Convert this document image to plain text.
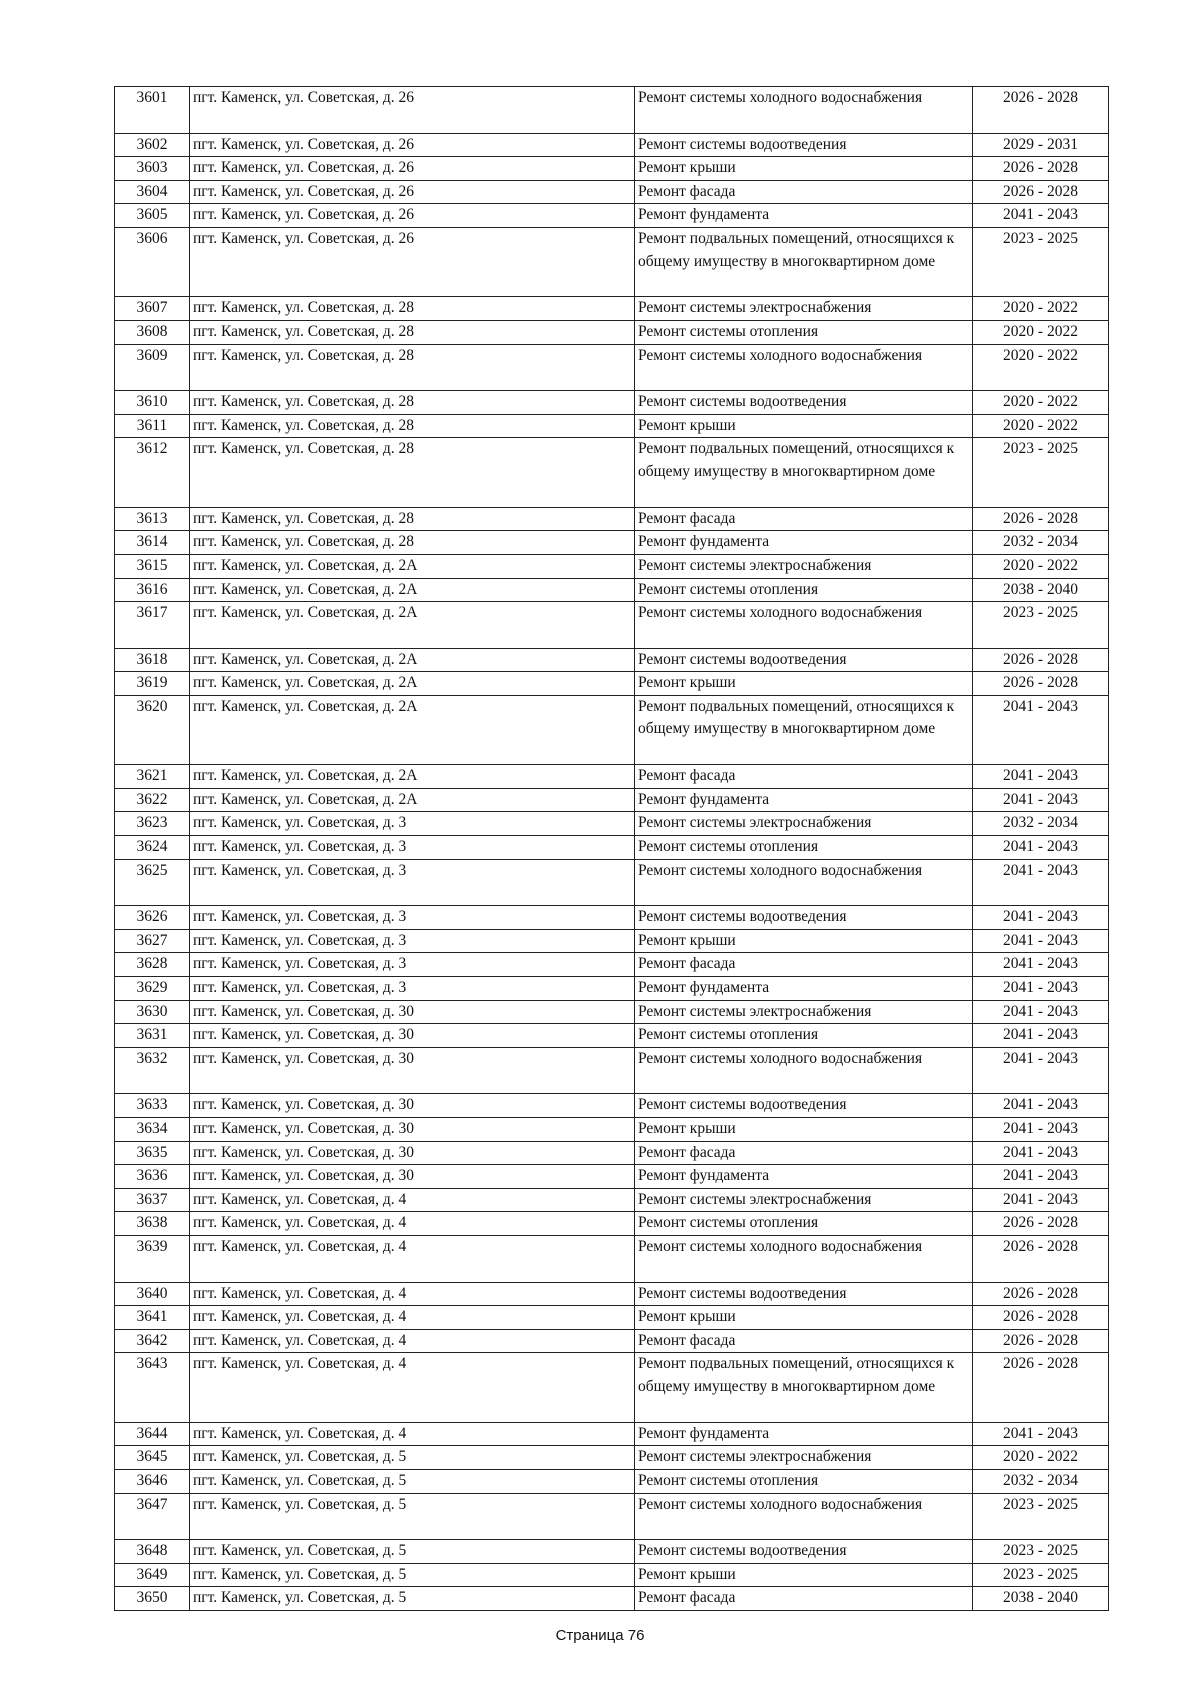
3601	пгт. Каменск, ул. Советская, д. 26	Ремонт системы холодного водоснабжения	2026 - 2028
3602	пгт. Каменск, ул. Советская, д. 26	Ремонт системы водоотведения	2029 - 2031
3603	пгт. Каменск, ул. Советская, д. 26	Ремонт крыши	2026 - 2028
3604	пгт. Каменск, ул. Советская, д. 26	Ремонт фасада	2026 - 2028
3605	пгт. Каменск, ул. Советская, д. 26	Ремонт фундамента	2041 - 2043
3606	пгт. Каменск, ул. Советская, д. 26	Ремонт подвальных помещений, относящихся к общему имуществу в многоквартирном доме	2023 - 2025
3607	пгт. Каменск, ул. Советская, д. 28	Ремонт системы электроснабжения	2020 - 2022
3608	пгт. Каменск, ул. Советская, д. 28	Ремонт системы отопления	2020 - 2022
3609	пгт. Каменск, ул. Советская, д. 28	Ремонт системы холодного водоснабжения	2020 - 2022
3610	пгт. Каменск, ул. Советская, д. 28	Ремонт системы водоотведения	2020 - 2022
3611	пгт. Каменск, ул. Советская, д. 28	Ремонт крыши	2020 - 2022
3612	пгт. Каменск, ул. Советская, д. 28	Ремонт подвальных помещений, относящихся к общему имуществу в многоквартирном доме	2023 - 2025
3613	пгт. Каменск, ул. Советская, д. 28	Ремонт фасада	2026 - 2028
3614	пгт. Каменск, ул. Советская, д. 28	Ремонт фундамента	2032 - 2034
3615	пгт. Каменск, ул. Советская, д. 2А	Ремонт системы электроснабжения	2020 - 2022
3616	пгт. Каменск, ул. Советская, д. 2А	Ремонт системы отопления	2038 - 2040
3617	пгт. Каменск, ул. Советская, д. 2А	Ремонт системы холодного водоснабжения	2023 - 2025
3618	пгт. Каменск, ул. Советская, д. 2А	Ремонт системы водоотведения	2026 - 2028
3619	пгт. Каменск, ул. Советская, д. 2А	Ремонт крыши	2026 - 2028
3620	пгт. Каменск, ул. Советская, д. 2А	Ремонт подвальных помещений, относящихся к общему имуществу в многоквартирном доме	2041 - 2043
3621	пгт. Каменск, ул. Советская, д. 2А	Ремонт фасада	2041 - 2043
3622	пгт. Каменск, ул. Советская, д. 2А	Ремонт фундамента	2041 - 2043
3623	пгт. Каменск, ул. Советская, д. 3	Ремонт системы электроснабжения	2032 - 2034
3624	пгт. Каменск, ул. Советская, д. 3	Ремонт системы отопления	2041 - 2043
3625	пгт. Каменск, ул. Советская, д. 3	Ремонт системы холодного водоснабжения	2041 - 2043
3626	пгт. Каменск, ул. Советская, д. 3	Ремонт системы водоотведения	2041 - 2043
3627	пгт. Каменск, ул. Советская, д. 3	Ремонт крыши	2041 - 2043
3628	пгт. Каменск, ул. Советская, д. 3	Ремонт фасада	2041 - 2043
3629	пгт. Каменск, ул. Советская, д. 3	Ремонт фундамента	2041 - 2043
3630	пгт. Каменск, ул. Советская, д. 30	Ремонт системы электроснабжения	2041 - 2043
3631	пгт. Каменск, ул. Советская, д. 30	Ремонт системы отопления	2041 - 2043
3632	пгт. Каменск, ул. Советская, д. 30	Ремонт системы холодного водоснабжения	2041 - 2043
3633	пгт. Каменск, ул. Советская, д. 30	Ремонт системы водоотведения	2041 - 2043
3634	пгт. Каменск, ул. Советская, д. 30	Ремонт крыши	2041 - 2043
3635	пгт. Каменск, ул. Советская, д. 30	Ремонт фасада	2041 - 2043
3636	пгт. Каменск, ул. Советская, д. 30	Ремонт фундамента	2041 - 2043
3637	пгт. Каменск, ул. Советская, д. 4	Ремонт системы электроснабжения	2041 - 2043
3638	пгт. Каменск, ул. Советская, д. 4	Ремонт системы отопления	2026 - 2028
3639	пгт. Каменск, ул. Советская, д. 4	Ремонт системы холодного водоснабжения	2026 - 2028
3640	пгт. Каменск, ул. Советская, д. 4	Ремонт системы водоотведения	2026 - 2028
3641	пгт. Каменск, ул. Советская, д. 4	Ремонт крыши	2026 - 2028
3642	пгт. Каменск, ул. Советская, д. 4	Ремонт фасада	2026 - 2028
3643	пгт. Каменск, ул. Советская, д. 4	Ремонт подвальных помещений, относящихся к общему имуществу в многоквартирном доме	2026 - 2028
3644	пгт. Каменск, ул. Советская, д. 4	Ремонт фундамента	2041 - 2043
3645	пгт. Каменск, ул. Советская, д. 5	Ремонт системы электроснабжения	2020 - 2022
3646	пгт. Каменск, ул. Советская, д. 5	Ремонт системы отопления	2032 - 2034
3647	пгт. Каменск, ул. Советская, д. 5	Ремонт системы холодного водоснабжения	2023 - 2025
3648	пгт. Каменск, ул. Советская, д. 5	Ремонт системы водоотведения	2023 - 2025
3649	пгт. Каменск, ул. Советская, д. 5	Ремонт крыши	2023 - 2025
3650	пгт. Каменск, ул. Советская, д. 5	Ремонт фасада	2038 - 2040
Страница 76
